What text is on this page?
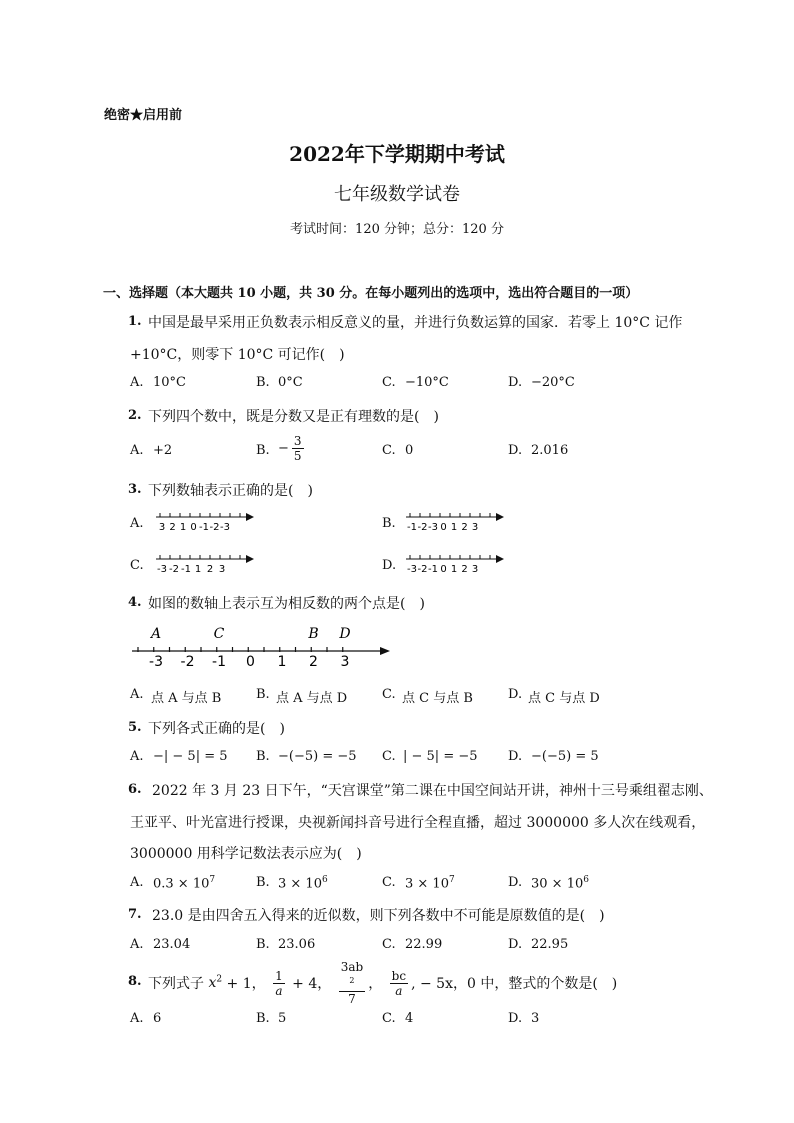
绝密★启用前
2022年下学期期中考试
七年级数学试卷
考试时间：120 分钟；总分：120 分
一、选择题（本大题共 10 小题，共 30 分。在每小题列出的选项中，选出符合题目的一项）
1. 中国是最早采用正负数表示相反意义的量，并进行负数运算的国家．若零上 10°C 记作
+10°C，则零下 10°C 可记作(　)
A. 10°C	B. 0°C	C. −10°C	D. −20°C
2. 下列四个数中，既是分数又是正有理数的是(　)
A. +2	B. − $\frac{3}{5}$	C. 0	D. 2.016
3. 下列数轴表示正确的是(　)
A. 3 2 1 0 -1 -2 -3	B. -1 -2 -3 0 1 2 3
C. -3 -2 -1 1 2 3	D. -3 -2 -1 0 1 2 3
4. 如图的数轴上表示互为相反数的两个点是(　)
-3 -2 -1 0 1 2 3
A	C	B D
A. 点 A 与点 B	B. 点 A 与点 D	C. 点 C 与点 B	D. 点 C 与点 D
5. 下列各式正确的是(　)
A. −| − 5| = 5 B. −(−5) = −5 C. | − 5| = −5 D. −(−5) = 5
6. 2022 年 3 月 23 日下午，“天宫课堂”第二课在中国空间站开讲，神州十三号乘组翟志刚、
王亚平、叶光富进行授课，央视新闻抖音号进行全程直播，超过 3000000 多人次在线观看，
3000000 用科学记数法表示应为(　)
A. $0.3 \times 10^7$	B. $3 \times 10^6$	C. $3 \times 10^7$	D. $30 \times 10^6$
7. 23.0 是由四舍五入得来的近似数，则下列各数中不可能是原数值的是(　)
A. 23.04	B. 23.06	C. 22.99	D. 22.95
8. 下列式子 $x^2 + 1$， $\frac{1}{a} + 4$， 3ab
$^2$
7 ， $\frac{bc}{a}$ , − 5x，0 中，整式的个数是(　)
A. 6	B. 5	C. 4	D. 3
